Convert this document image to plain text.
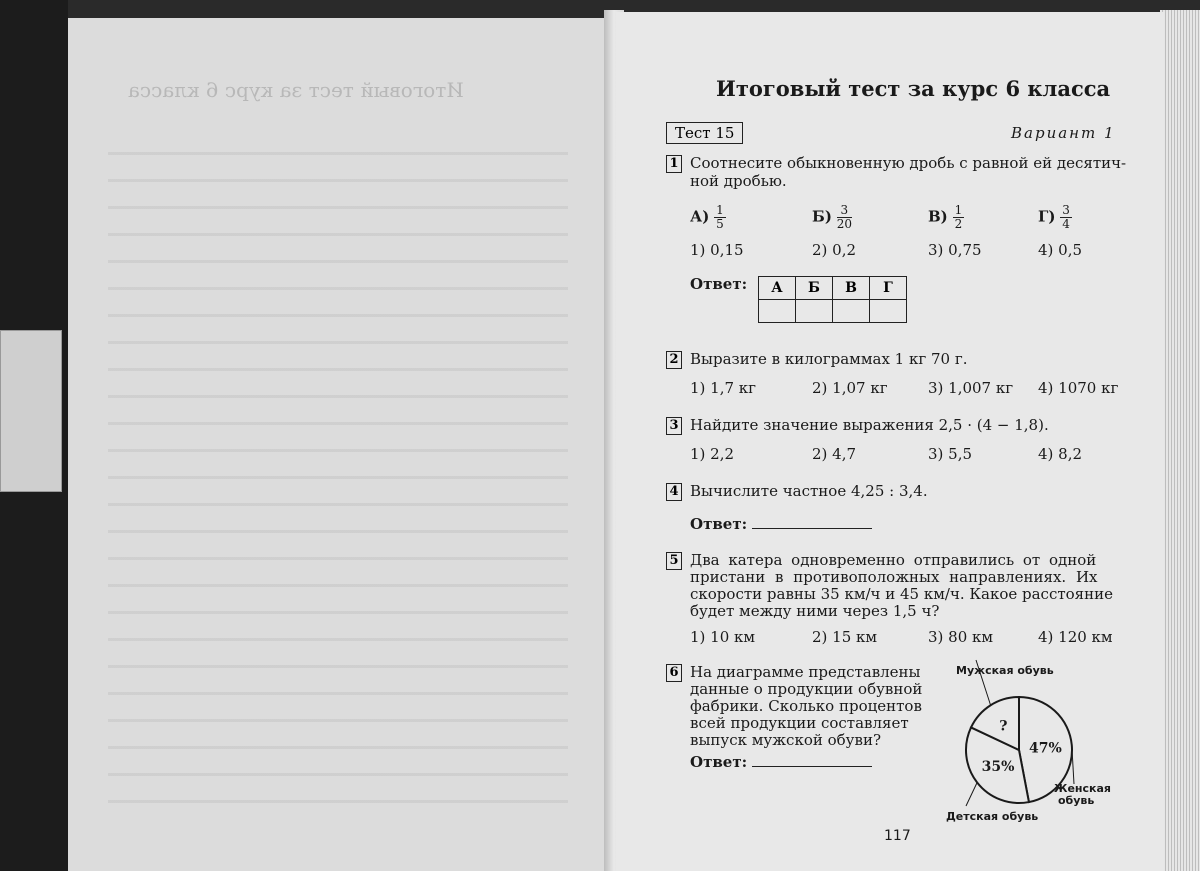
Итоговый тест за курс 6 класса	Итоговый тест за курс 6 класса
Тест 15	Вариант 1
1 Соотнесите обыкновенную дробь с равной ей десятич-
ной дробью.
$А) \frac{1}{5}$	$Б) \frac{3}{20}$	$В) \frac{1}{2}$	$Г) \frac{3}{4}$
1) 0,15	2) 0,2	3) 0,75	4) 0,5
Ответ: А	Б	В	Г

2 Выразите в килограммах 1 кг 70 г.
1) 1,7 кг	2) 1,07 кг	3) 1,007 кг 4) 1070 кг
3 Найдите значение выражения 2,5 · (4 − 1,8).
1) 2,2	2) 4,7	3) 5,5	4) 8,2
4 Вычислите частное 4,25 : 3,4.
Ответ:
5 Два катера одновременно отправились от одной
пристани в противоположных направлениях. Их
скорости равны 35 км/ч и 45 км/ч. Какое расстояние
будет между ними через 1,5 ч?
1) 10 км	2) 15 км	3) 80 км	4) 120 км
6 На диаграмме представлены
данные о продукции обувной
фабрики. Сколько процентов
всей продукции составляет
выпуск мужской обуви?
Ответ:
47%
Женская обувь
35%
Детская обувь
?
Мужская обувь
117
